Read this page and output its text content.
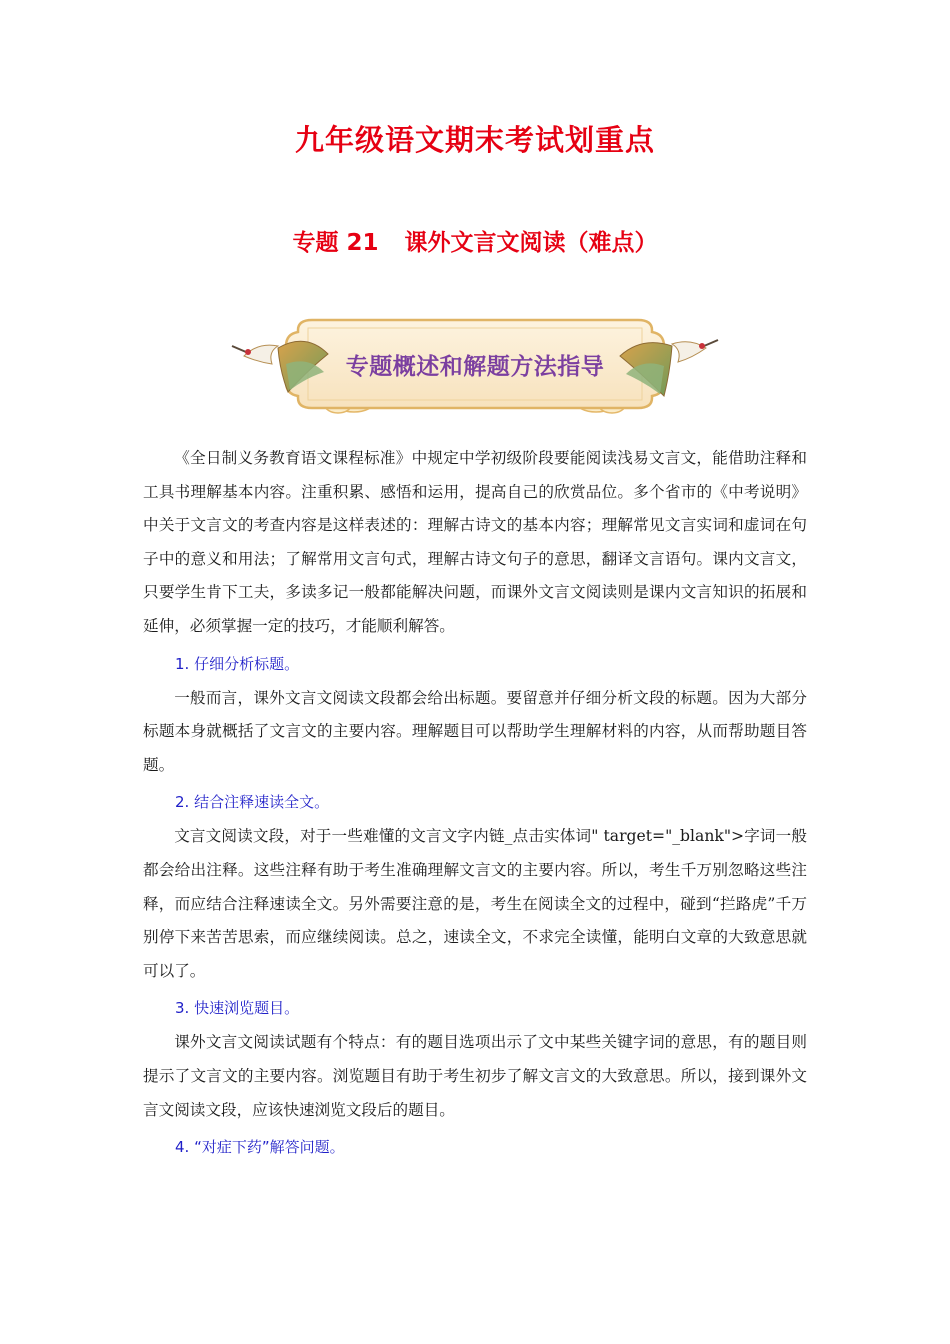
九年级语文期末考试划重点
专题 21 课外文言文阅读（难点）
专题概述和解题方法指导

《全日制义务教育语文课程标准》中规定中学初级阶段要能阅读浅易文言文，能借助注释和工具书理解基本内容。注重积累、感悟和运用，提高自己的欣赏品位。多个省市的《中考说明》中关于文言文的考查内容是这样表述的：理解古诗文的基本内容；理解常见文言实词和虚词在句子中的意义和用法；了解常用文言句式，理解古诗文句子的意思，翻译文言语句。课内文言文，只要学生肯下工夫，多读多记一般都能解决问题，而课外文言文阅读则是课内文言知识的拓展和延伸，必须掌握一定的技巧，才能顺利解答。

1. 仔细分析标题。

一般而言，课外文言文阅读文段都会给出标题。要留意并仔细分析文段的标题。因为大部分标题本身就概括了文言文的主要内容。理解题目可以帮助学生理解材料的内容，从而帮助题目答题。

2. 结合注释速读全文。

文言文阅读文段，对于一些难懂的文言文字内链_点击实体词" target="_blank">字词一般都会给出注释。这些注释有助于考生准确理解文言文的主要内容。所以，考生千万别忽略这些注释，而应结合注释速读全文。另外需要注意的是，考生在阅读全文的过程中，碰到“拦路虎”千万别停下来苦苦思索，而应继续阅读。总之，速读全文，不求完全读懂，能明白文章的大致意思就可以了。

3. 快速浏览题目。

课外文言文阅读试题有个特点：有的题目选项出示了文中某些关键字词的意思，有的题目则提示了文言文的主要内容。浏览题目有助于考生初步了解文言文的大致意思。所以，接到课外文言文阅读文段，应该快速浏览文段后的题目。

4. “对症下药”解答问题。
